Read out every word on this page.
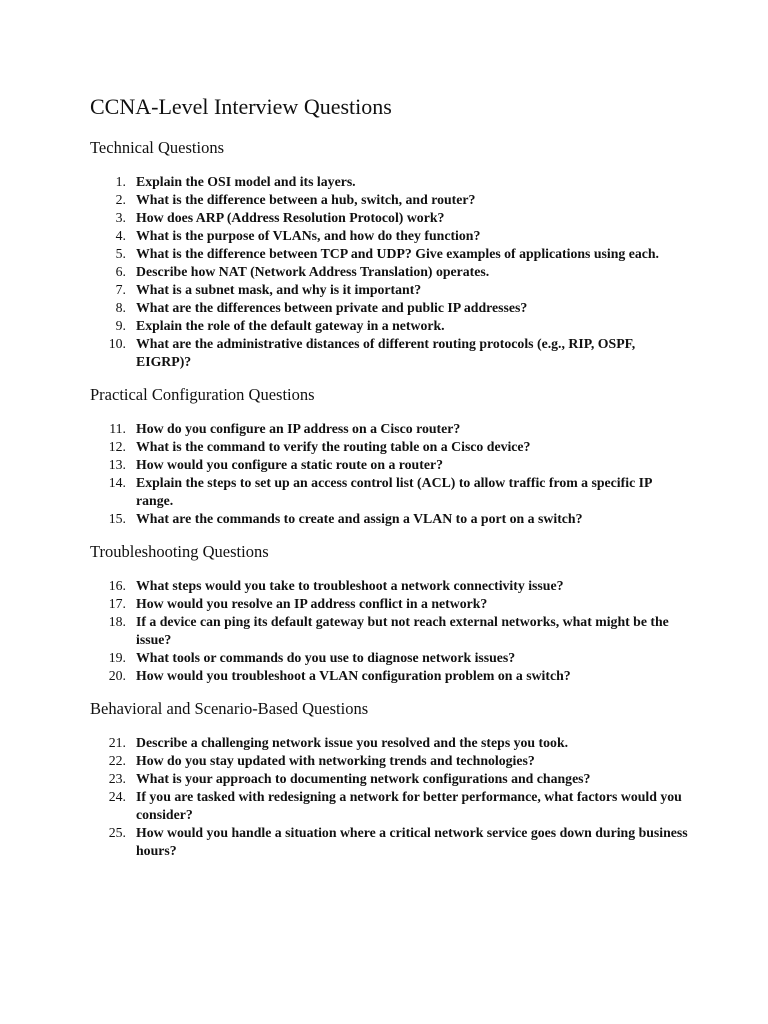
CCNA-Level Interview Questions
Technical Questions
1. Explain the OSI model and its layers.
2. What is the difference between a hub, switch, and router?
3. How does ARP (Address Resolution Protocol) work?
4. What is the purpose of VLANs, and how do they function?
5. What is the difference between TCP and UDP? Give examples of applications using each.
6. Describe how NAT (Network Address Translation) operates.
7. What is a subnet mask, and why is it important?
8. What are the differences between private and public IP addresses?
9. Explain the role of the default gateway in a network.
10. What are the administrative distances of different routing protocols (e.g., RIP, OSPF, EIGRP)?
Practical Configuration Questions
11. How do you configure an IP address on a Cisco router?
12. What is the command to verify the routing table on a Cisco device?
13. How would you configure a static route on a router?
14. Explain the steps to set up an access control list (ACL) to allow traffic from a specific IP range.
15. What are the commands to create and assign a VLAN to a port on a switch?
Troubleshooting Questions
16. What steps would you take to troubleshoot a network connectivity issue?
17. How would you resolve an IP address conflict in a network?
18. If a device can ping its default gateway but not reach external networks, what might be the issue?
19. What tools or commands do you use to diagnose network issues?
20. How would you troubleshoot a VLAN configuration problem on a switch?
Behavioral and Scenario-Based Questions
21. Describe a challenging network issue you resolved and the steps you took.
22. How do you stay updated with networking trends and technologies?
23. What is your approach to documenting network configurations and changes?
24. If you are tasked with redesigning a network for better performance, what factors would you consider?
25. How would you handle a situation where a critical network service goes down during business hours?
